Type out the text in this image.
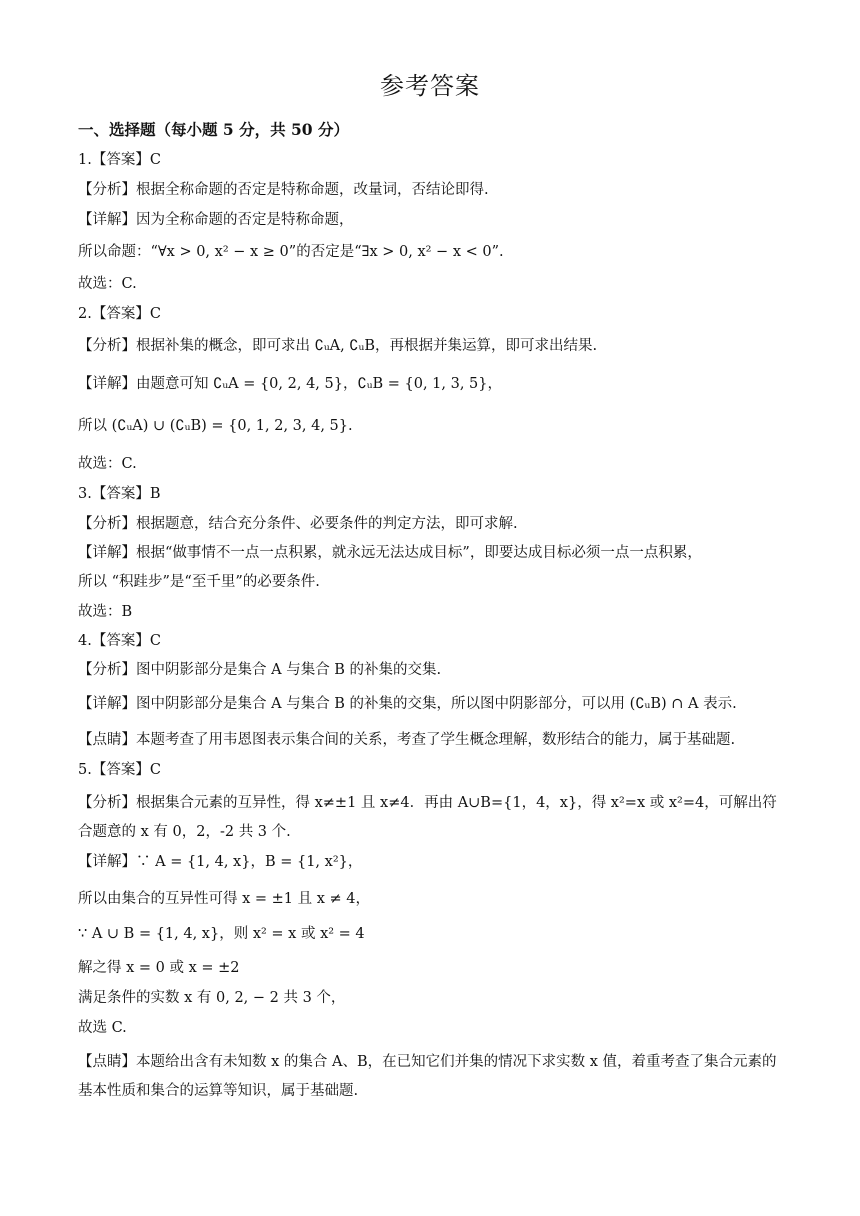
参考答案
一、选择题（每小题 5 分，共 50 分）
1.【答案】C
【分析】根据全称命题的否定是特称命题，改量词，否结论即得.
【详解】因为全称命题的否定是特称命题，
所以命题：“∀x > 0, x² − x ≥ 0”的否定是“∃x > 0, x² − x < 0”.
故选：C.
2.【答案】C
【分析】根据补集的概念，即可求出 ∁ᵤA, ∁ᵤB，再根据并集运算，即可求出结果.
【详解】由题意可知 ∁ᵤA = {0, 2, 4, 5}，∁ᵤB = {0, 1, 3, 5}，
所以 (∁ᵤA) ∪ (∁ᵤB) = {0, 1, 2, 3, 4, 5}.
故选：C.
3.【答案】B
【分析】根据题意，结合充分条件、必要条件的判定方法，即可求解.
【详解】根据“做事情不一点一点积累，就永远无法达成目标”，即要达成目标必须一点一点积累，
所以 “积跬步”是“至千里”的必要条件.
故选：B
4.【答案】C
【分析】图中阴影部分是集合 A 与集合 B 的补集的交集.
【详解】图中阴影部分是集合 A 与集合 B 的补集的交集，所以图中阴影部分，可以用 (∁ᵤB) ∩ A 表示.
【点睛】本题考查了用韦恩图表示集合间的关系，考查了学生概念理解，数形结合的能力，属于基础题.
5.【答案】C
【分析】根据集合元素的互异性，得 x≠±1 且 x≠4．再由 A∪B={1，4，x}，得 x²=x 或 x²=4，可解出符合题意的 x 有 0，2，-2 共 3 个.
【详解】∵ A = {1, 4, x}，B = {1, x²}，
所以由集合的互异性可得 x = ±1 且 x ≠ 4，
∵ A ∪ B = {1, 4, x}，则 x² = x 或 x² = 4
解之得 x = 0 或 x = ±2
满足条件的实数 x 有 0, 2, − 2 共 3 个，
故选 C.
【点睛】本题给出含有未知数 x 的集合 A、B，在已知它们并集的情况下求实数 x 值，着重考查了集合元素的基本性质和集合的运算等知识，属于基础题.
